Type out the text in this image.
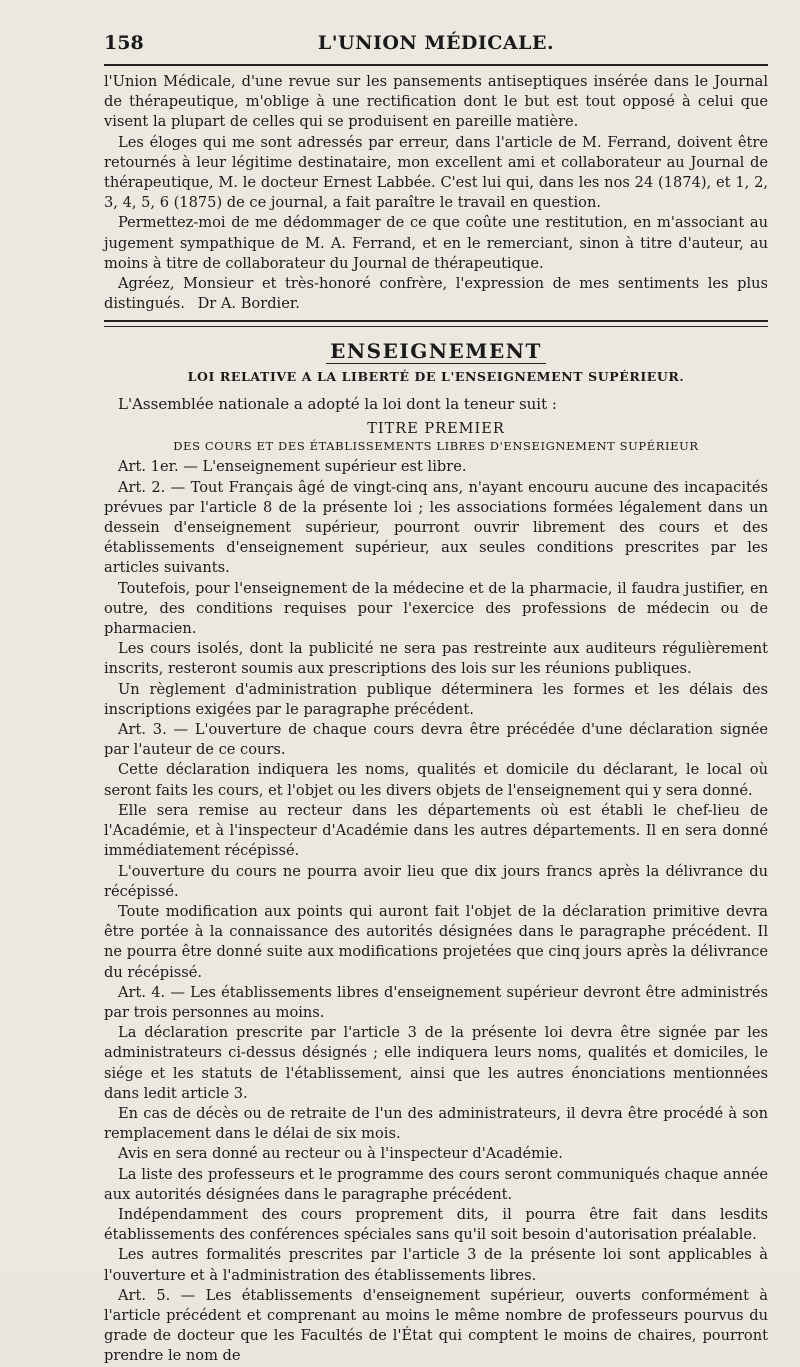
158	L'UNION MÉDICALE.

l'Union Médicale, d'une revue sur les pansements antiseptiques insérée dans le Journal de thérapeutique, m'oblige à une rectification dont le but est tout opposé à celui que visent la plupart de celles qui se produisent en pareille matière.

Les éloges qui me sont adressés par erreur, dans l'article de M. Ferrand, doivent être retournés à leur légitime destinataire, mon excellent ami et collaborateur au Journal de thérapeutique, M. le docteur Ernest Labbée. C'est lui qui, dans les nos 24 (1874), et 1, 2, 3, 4, 5, 6 (1875) de ce journal, a fait paraître le travail en question.

Permettez-moi de me dédommager de ce que coûte une restitution, en m'associant au jugement sympathique de M. A. Ferrand, et en le remerciant, sinon à titre d'auteur, au moins à titre de collaborateur du Journal de thérapeutique.

Agréez, Monsieur et très-honoré confrère, l'expression de mes sentiments les plus distingués. Dr A. Bordier.

ENSEIGNEMENT
LOI RELATIVE A LA LIBERTÉ DE L'ENSEIGNEMENT SUPÉRIEUR.
L'Assemblée nationale a adopté la loi dont la teneur suit :
TITRE PREMIER
DES COURS ET DES ÉTABLISSEMENTS LIBRES D'ENSEIGNEMENT SUPÉRIEUR

Art. 1er. — L'enseignement supérieur est libre.

Art. 2. — Tout Français âgé de vingt-cinq ans, n'ayant encouru aucune des incapacités prévues par l'article 8 de la présente loi ; les associations formées légalement dans un dessein d'enseignement supérieur, pourront ouvrir librement des cours et des établissements d'enseignement supérieur, aux seules conditions prescrites par les articles suivants.

Toutefois, pour l'enseignement de la médecine et de la pharmacie, il faudra justifier, en outre, des conditions requises pour l'exercice des professions de médecin ou de pharmacien.

Les cours isolés, dont la publicité ne sera pas restreinte aux auditeurs régulièrement inscrits, resteront soumis aux prescriptions des lois sur les réunions publiques.

Un règlement d'administration publique déterminera les formes et les délais des inscriptions exigées par le paragraphe précédent.

Art. 3. — L'ouverture de chaque cours devra être précédée d'une déclaration signée par l'auteur de ce cours.

Cette déclaration indiquera les noms, qualités et domicile du déclarant, le local où seront faits les cours, et l'objet ou les divers objets de l'enseignement qui y sera donné.

Elle sera remise au recteur dans les départements où est établi le chef-lieu de l'Académie, et à l'inspecteur d'Académie dans les autres départements. Il en sera donné immédiatement récépissé.

L'ouverture du cours ne pourra avoir lieu que dix jours francs après la délivrance du récépissé.

Toute modification aux points qui auront fait l'objet de la déclaration primitive devra être portée à la connaissance des autorités désignées dans le paragraphe précédent. Il ne pourra être donné suite aux modifications projetées que cinq jours après la délivrance du récépissé.

Art. 4. — Les établissements libres d'enseignement supérieur devront être administrés par trois personnes au moins.

La déclaration prescrite par l'article 3 de la présente loi devra être signée par les administrateurs ci-dessus désignés ; elle indiquera leurs noms, qualités et domiciles, le siége et les statuts de l'établissement, ainsi que les autres énonciations mentionnées dans ledit article 3.

En cas de décès ou de retraite de l'un des administrateurs, il devra être procédé à son remplacement dans le délai de six mois.

Avis en sera donné au recteur ou à l'inspecteur d'Académie.

La liste des professeurs et le programme des cours seront communiqués chaque année aux autorités désignées dans le paragraphe précédent.

Indépendamment des cours proprement dits, il pourra être fait dans lesdits établissements des conférences spéciales sans qu'il soit besoin d'autorisation préalable.

Les autres formalités prescrites par l'article 3 de la présente loi sont applicables à l'ouverture et à l'administration des établissements libres.

Art. 5. — Les établissements d'enseignement supérieur, ouverts conformément à l'article précédent et comprenant au moins le même nombre de professeurs pourvus du grade de docteur que les Facultés de l'État qui comptent le moins de chaires, pourront prendre le nom de
